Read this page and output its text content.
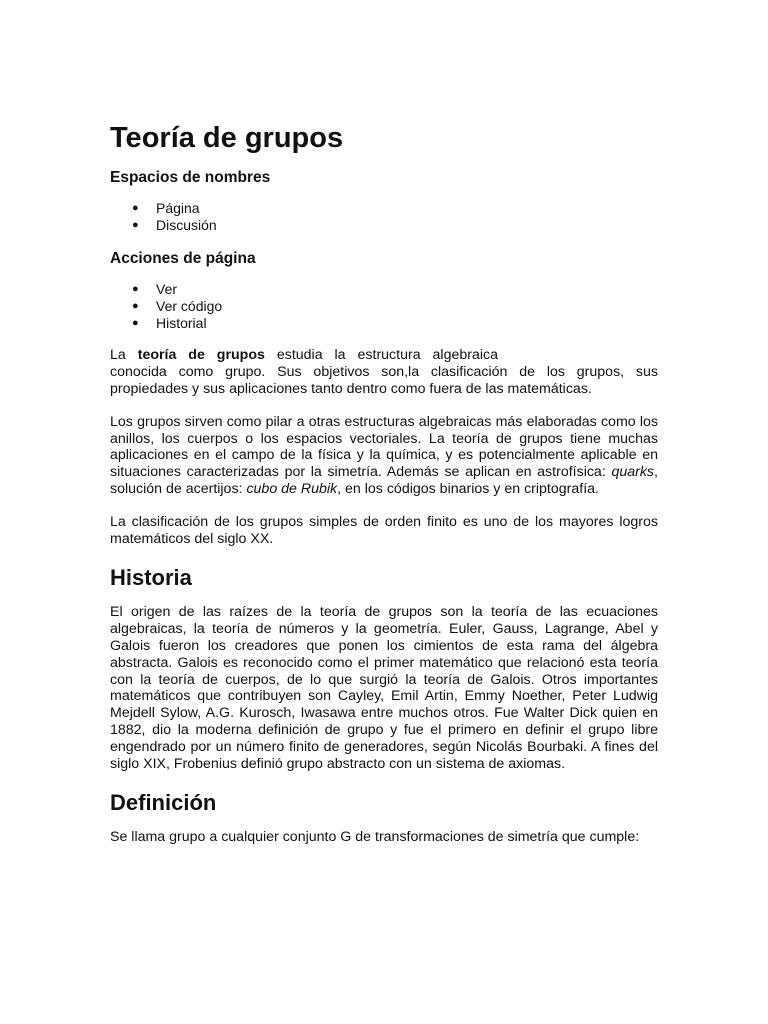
Teoría de grupos
Espacios de nombres
● Página
● Discusión
Acciones de página
● Ver
● Ver código
● Historial

La teoría de grupos estudia la estructura algebraica

conocida como grupo. Sus objetivos son,la clasificación de los grupos, sus propiedades y sus aplicaciones tanto dentro como fuera de las matemáticas.

Los grupos sirven como pilar a otras estructuras algebraicas más elaboradas como los anillos, los cuerpos o los espacios vectoriales. La teoría de grupos tiene muchas aplicaciones en el campo de la física y la química, y es potencialmente aplicable en situaciones caracterizadas por la simetría. Además se aplican en astrofísica: quarks, solución de acertijos: cubo de Rubik, en los códigos binarios y en criptografía.

La clasificación de los grupos simples de orden finito es uno de los mayores logros matemáticos del siglo XX.

Historia

El origen de las raízes de la teoría de grupos son la teoría de las ecuaciones algebraicas, la teoría de números y la geometría. Euler, Gauss, Lagrange, Abel y Galois fueron los creadores que ponen los cimientos de esta rama del álgebra abstracta. Galois es reconocido como el primer matemático que relacionó esta teoría con la teoría de cuerpos, de lo que surgió la teoría de Galois. Otros importantes matemáticos que contribuyen son Cayley, Emil Artin, Emmy Noether, Peter Ludwig Mejdell Sylow, A.G. Kurosch, Iwasawa entre muchos otros. Fue Walter Dick quien en 1882, dio la moderna definición de grupo y fue el primero en definir el grupo libre engendrado por un número finito de generadores, según Nicolás Bourbaki. A fines del siglo XIX, Frobenius definió grupo abstracto con un sistema de axiomas.

Definición

Se llama grupo a cualquier conjunto G de transformaciones de simetría que cumple:
